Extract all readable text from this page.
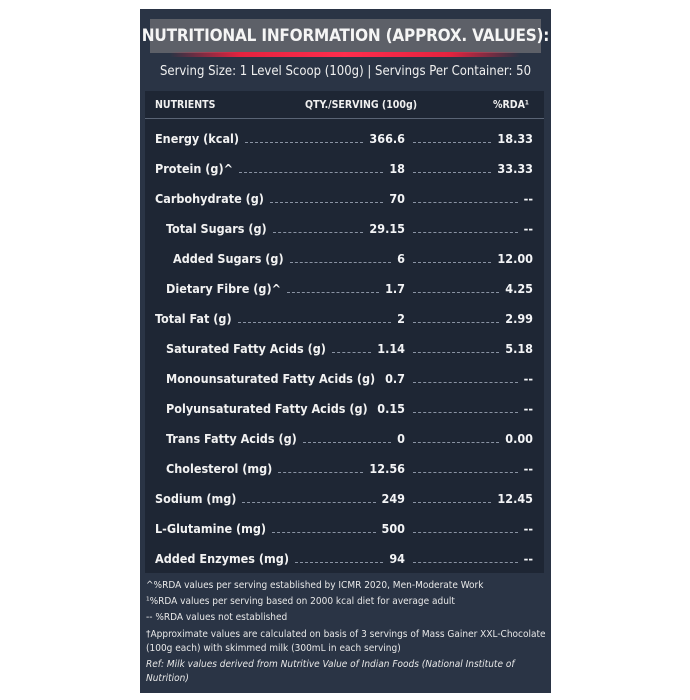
NUTRITIONAL INFORMATION (APPROX. VALUES):
Serving Size: 1 Level Scoop (100g) | Servings Per Container: 50
NUTRIENTS	QTY./SERVING (100g)	%RDA¹
Energy (kcal)	366.6	18.33
Protein (g)^	18	33.33
Carbohydrate (g)	70	--
Total Sugars (g)	29.15	--
Added Sugars (g)	6	12.00
Dietary Fibre (g)^	1.7	4.25
Total Fat (g)	2	2.99
Saturated Fatty Acids (g)	1.14	5.18
Monounsaturated Fatty Acids (g) 0.7	--
Polyunsaturated Fatty Acids (g) 0.15	--
Trans Fatty Acids (g)	0	0.00
Cholesterol (mg)	12.56	--
Sodium (mg)	249	12.45
L-Glutamine (mg)	500	--
Added Enzymes (mg)	94	--
^%RDA values per serving established by ICMR 2020, Men-Moderate Work
¹%RDA values per serving based on 2000 kcal diet for average adult
-- %RDA values not established
†Approximate values are calculated on basis of 3 servings of Mass Gainer XXL-Chocolate (100g each) with skimmed milk (300mL in each serving)
Ref: Milk values derived from Nutritive Value of Indian Foods (National Institute of Nutrition)
